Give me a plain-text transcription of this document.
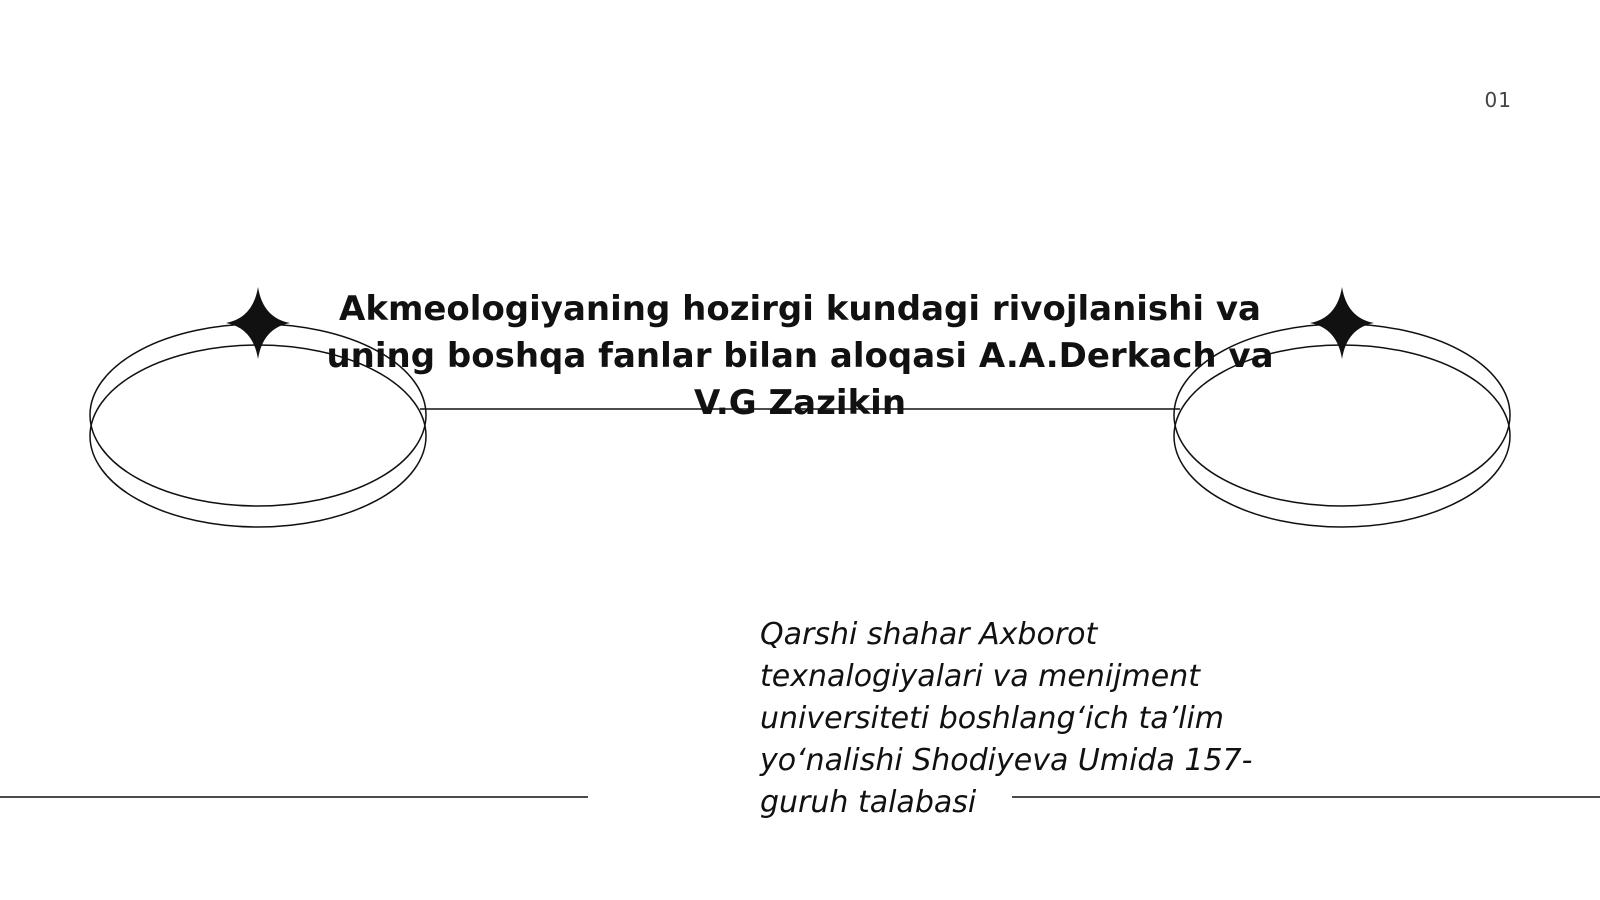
01
Akmeologiyaning hozirgi kundagi rivojlanishi va uning boshqa fanlar bilan aloqasi A.A.Derkach va V.G Zazikin

Qarshi shahar Axborot texnalogiyalari va menijment universiteti boshlang‘ich ta’lim yo‘nalishi Shodiyeva Umida 157-guruh talabasi
